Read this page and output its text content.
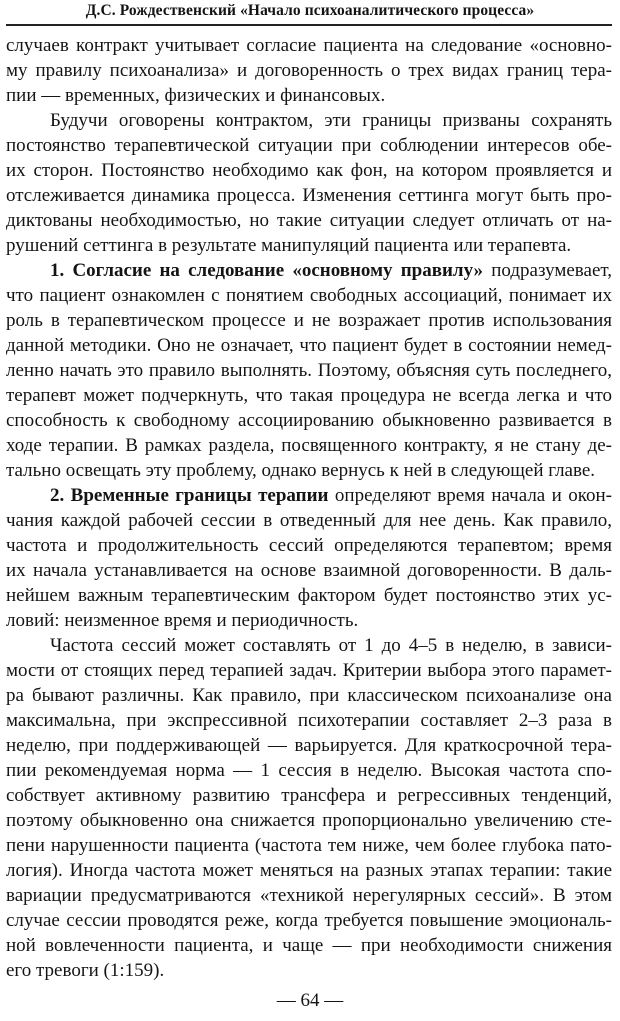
Д.С. Рождественский «Начало психоаналитического процесса»
случаев контракт учитывает согласие пациента на следование «основно-
му правилу психоанализа» и договоренность о трех видах границ тера-
пии — временных, физических и финансовых.
Будучи оговорены контрактом, эти границы призваны сохранять
постоянство терапевтической ситуации при соблюдении интересов обе-
их сторон. Постоянство необходимо как фон, на котором проявляется и
отслеживается динамика процесса. Изменения сеттинга могут быть про-
диктованы необходимостью, но такие ситуации следует отличать от на-
рушений сеттинга в результате манипуляций пациента или терапевта.
1. Согласие на следование «основному правилу» подразумевает,
что пациент ознакомлен с понятием свободных ассоциаций, понимает их
роль в терапевтическом процессе и не возражает против использования
данной методики. Оно не означает, что пациент будет в состоянии немед-
ленно начать это правило выполнять. Поэтому, объясняя суть последнего,
терапевт может подчеркнуть, что такая процедура не всегда легка и что
способность к свободному ассоциированию обыкновенно развивается в
ходе терапии. В рамках раздела, посвященного контракту, я не стану де-
тально освещать эту проблему, однако вернусь к ней в следующей главе.
2. Временные границы терапии определяют время начала и окон-
чания каждой рабочей сессии в отведенный для нее день. Как правило,
частота и продолжительность сессий определяются терапевтом; время
их начала устанавливается на основе взаимной договоренности. В даль-
нейшем важным терапевтическим фактором будет постоянство этих ус-
ловий: неизменное время и периодичность.
Частота сессий может составлять от 1 до 4–5 в неделю, в зависи-
мости от стоящих перед терапией задач. Критерии выбора этого парамет-
ра бывают различны. Как правило, при классическом психоанализе она
максимальна, при экспрессивной психотерапии составляет 2–3 раза в
неделю, при поддерживающей — варьируется. Для краткосрочной тера-
пии рекомендуемая норма — 1 сессия в неделю. Высокая частота спо-
собствует активному развитию трансфера и регрессивных тенденций,
поэтому обыкновенно она снижается пропорционально увеличению сте-
пени нарушенности пациента (частота тем ниже, чем более глубока пато-
логия). Иногда частота может меняться на разных этапах терапии: такие
вариации предусматриваются «техникой нерегулярных сессий». В этом
случае сессии проводятся реже, когда требуется повышение эмоциональ-
ной вовлеченности пациента, и чаще — при необходимости снижения
его тревоги (1:159).
— 64 —
